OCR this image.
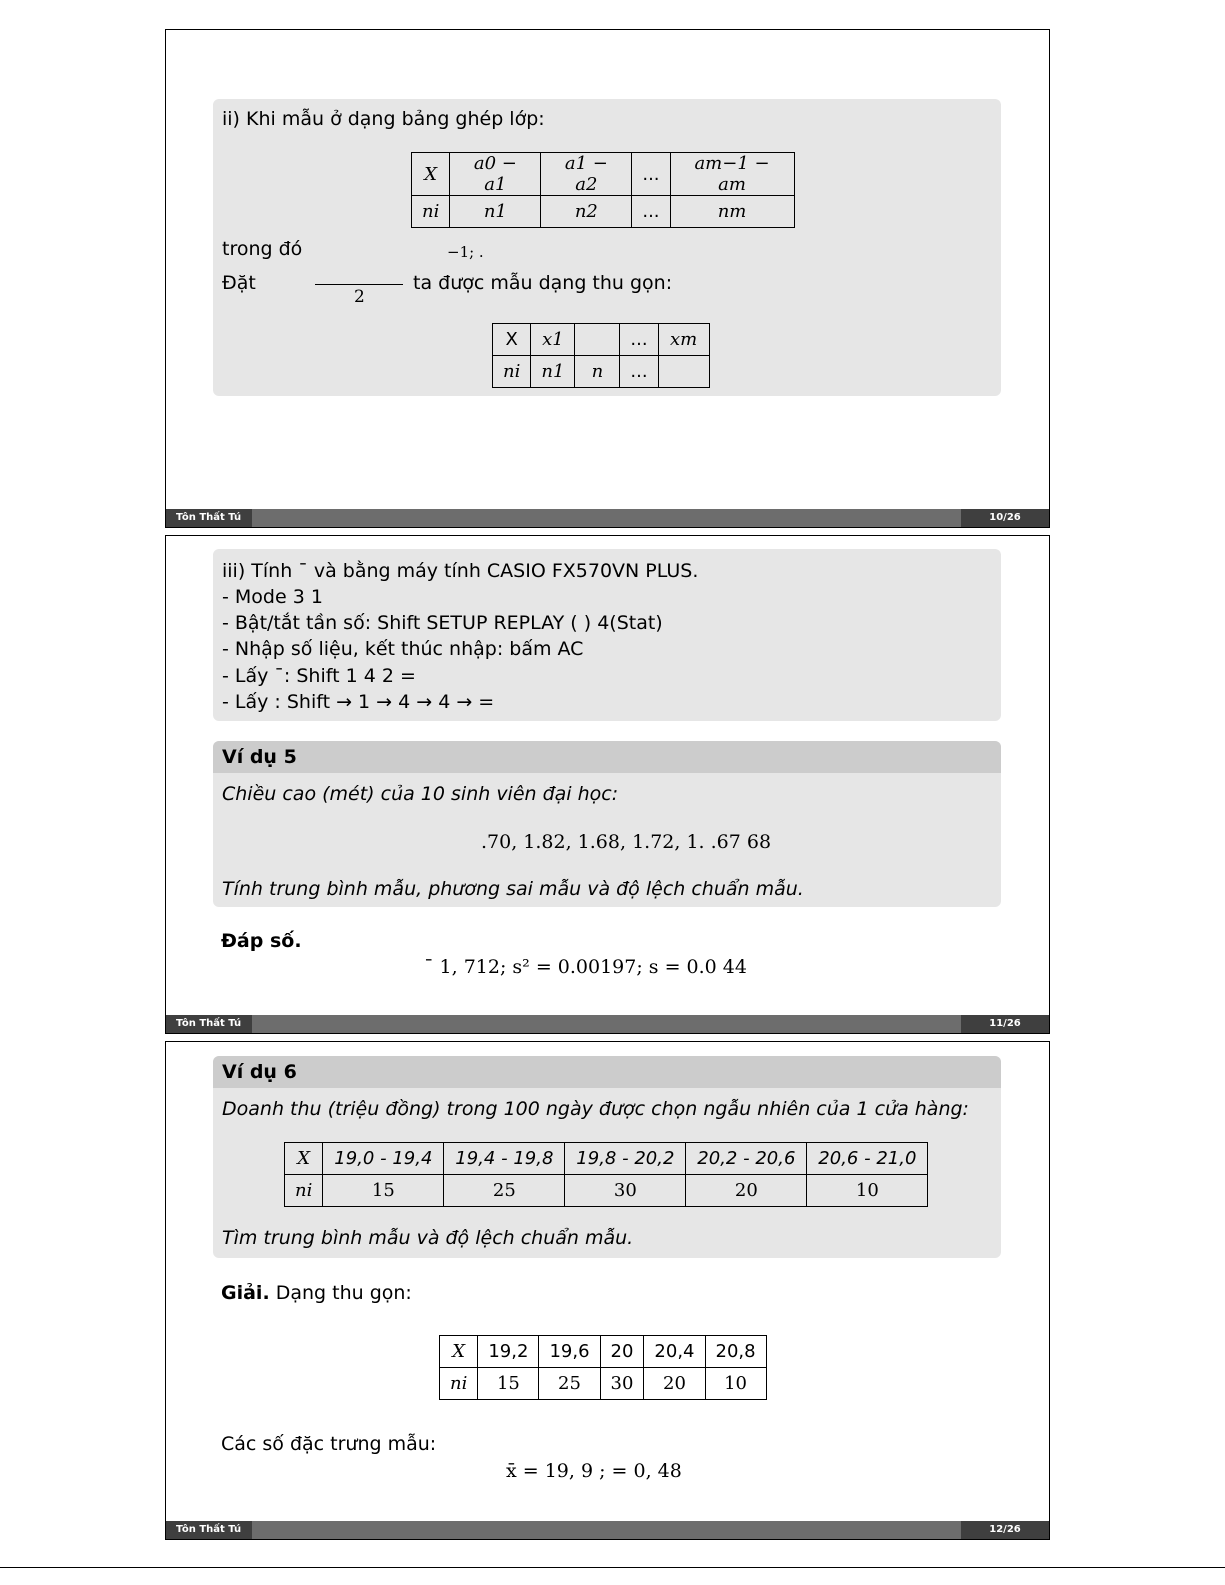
ii) Khi mẫu ở dạng bảng ghép lớp:
X	a0 − a1	a1 − a2	...	am−1 − am
ni	n1	n2	...	nm
trong đó	−1; .
Đặt
2
ta được mẫu dạng thu gọn:
X	x1		...	xm
ni	n1	n	...	
Tôn Thất Tú	10/26
iii) Tính ¯ và bằng máy tính CASIO FX570VN PLUS.
- Mode 3 1
- Bật/tắt tần số: Shift SETUP REPLAY ( ) 4(Stat)
- Nhập số liệu, kết thúc nhập: bấm AC
- Lấy ¯: Shift 1 4 2 =
- Lấy : Shift → 1 → 4 → 4 → =
Ví dụ 5
Chiều cao (mét) của 10 sinh viên đại học:
.70, 1.82, 1.68, 1.72, 1. .67 68
Tính trung bình mẫu, phương sai mẫu và độ lệch chuẩn mẫu.
Đáp số.
¯ 1, 712; s² = 0.00197; s = 0.0 44
Tôn Thất Tú	11/26
Ví dụ 6
Doanh thu (triệu đồng) trong 100 ngày được chọn ngẫu nhiên của 1 cửa hàng:
X	19,0 - 19,4	19,4 - 19,8	19,8 - 20,2	20,2 - 20,6	20,6 - 21,0
ni	15	25	30	20	10
Tìm trung bình mẫu và độ lệch chuẩn mẫu.
Giải. Dạng thu gọn:
X	19,2	19,6	20	20,4	20,8
ni	15	25	30	20	10
Các số đặc trưng mẫu:
x̄ = 19, 9 ; = 0, 48
Tôn Thất Tú	12/26
